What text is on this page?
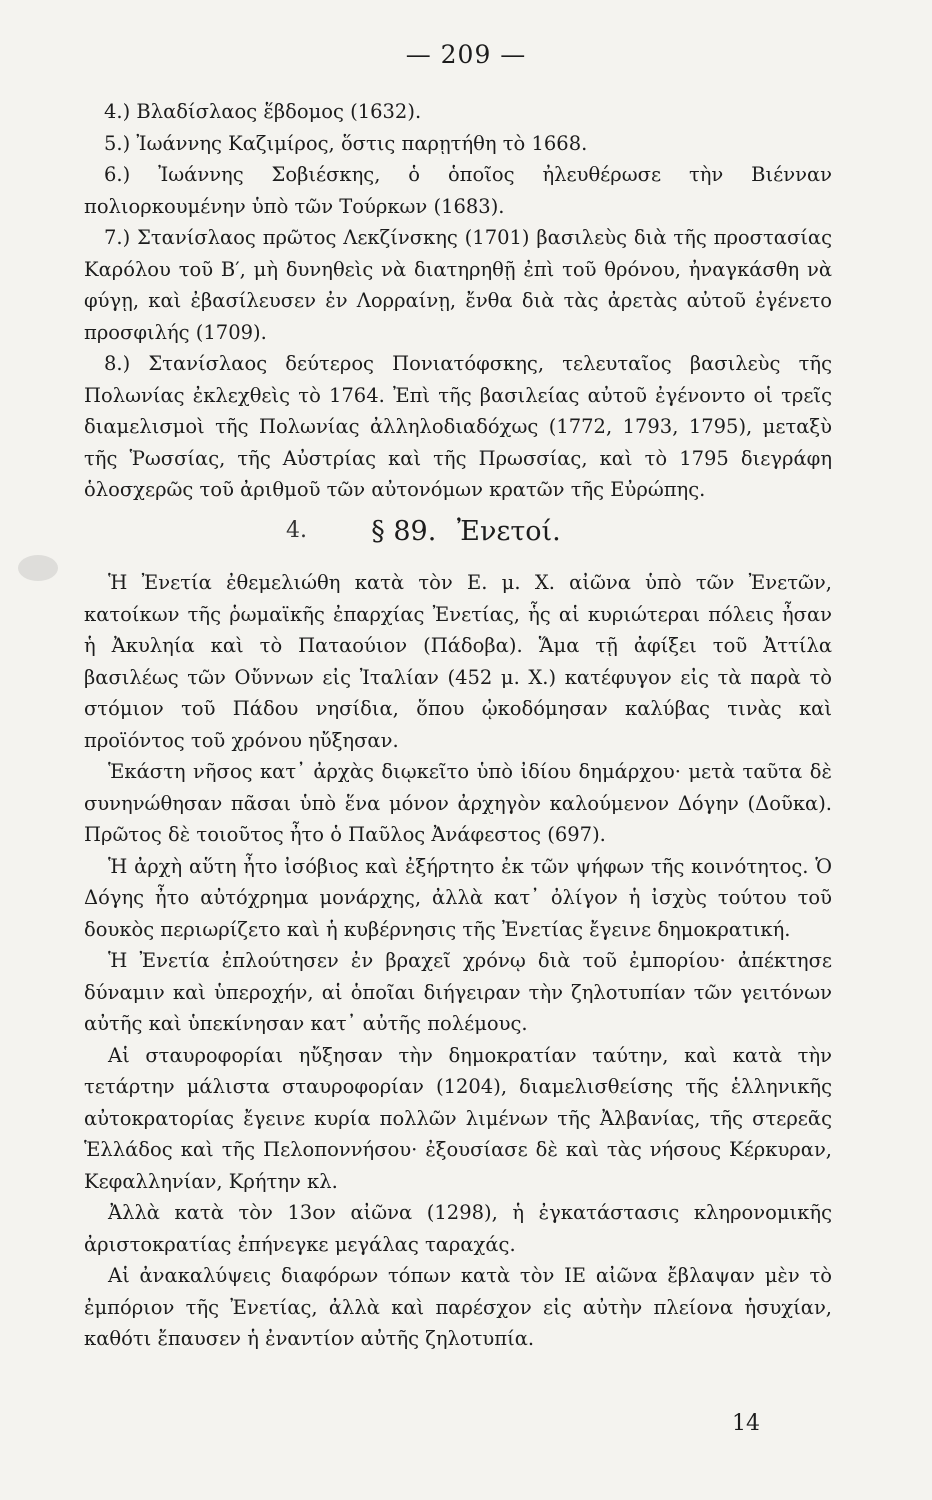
— 209 —

4.) Βλαδίσλαος ἕβδομος (1632).

5.) Ἰωάννης Καζιμίρος, ὅστις παρῃτήθη τὸ 1668.

6.) Ἰωάννης Σοβιέσκης, ὁ ὁποῖος ἠλευθέρωσε τὴν Βιένναν πολιορκουμένην ὑπὸ τῶν Τούρκων (1683).

7.) Στανίσλαος πρῶτος Λεκζίνσκης (1701) βασιλεὺς διὰ τῆς προστασίας Καρόλου τοῦ Β′, μὴ δυνηθεὶς νὰ διατηρηθῇ ἐπὶ τοῦ θρόνου, ἠναγκάσθη νὰ φύγῃ, καὶ ἐβασίλευσεν ἐν Λορραίνῃ, ἔνθα διὰ τὰς ἀρετὰς αὐτοῦ ἐγένετο προσφιλής (1709).

8.) Στανίσλαος δεύτερος Πονιατόφσκης, τελευταῖος βασιλεὺς τῆς Πολωνίας ἐκλεχθεὶς τὸ 1764. Ἐπὶ τῆς βασιλείας αὐτοῦ ἐγένοντο οἱ τρεῖς διαμελισμοὶ τῆς Πολωνίας ἀλληλοδιαδόχως (1772, 1793, 1795), μεταξὺ τῆς Ῥωσσίας, τῆς Αὐστρίας καὶ τῆς Πρωσσίας, καὶ τὸ 1795 διεγράφη ὁλοσχερῶς τοῦ ἀριθμοῦ τῶν αὐτονόμων κρατῶν τῆς Εὐρώπης.

4.	§ 89. Ἐνετοί.

Ἡ Ἐνετία ἐθεμελιώθη κατὰ τὸν Ε. μ. Χ. αἰῶνα ὑπὸ τῶν Ἐνετῶν, κατοίκων τῆς ῥωμαϊκῆς ἐπαρχίας Ἐνετίας, ἧς αἱ κυριώτεραι πόλεις ἦσαν ἡ Ἀκυληία καὶ τὸ Παταούιον (Πάδοβα). Ἅμα τῇ ἀφίξει τοῦ Ἀττίλα βασιλέως τῶν Οὔννων εἰς Ἰταλίαν (452 μ. Χ.) κατέφυγον εἰς τὰ παρὰ τὸ στόμιον τοῦ Πάδου νησίδια, ὅπου ᾠκοδόμησαν καλύβας τινὰς καὶ προϊόντος τοῦ χρόνου ηὔξησαν.

Ἑκάστη νῆσος κατ᾽ ἀρχὰς διῳκεῖτο ὑπὸ ἰδίου δημάρχου· μετὰ ταῦτα δὲ συνηνώθησαν πᾶσαι ὑπὸ ἕνα μόνον ἀρχηγὸν καλούμενον Δόγην (Δοῦκα). Πρῶτος δὲ τοιοῦτος ἦτο ὁ Παῦλος Ἀνάφεστος (697).

Ἡ ἀρχὴ αὕτη ἦτο ἰσόβιος καὶ ἐξήρτητο ἐκ τῶν ψήφων τῆς κοινότητος. Ὁ Δόγης ἦτο αὐτόχρημα μονάρχης, ἀλλὰ κατ᾽ ὀλίγον ἡ ἰσχὺς τούτου τοῦ δουκὸς περιωρίζετο καὶ ἡ κυβέρνησις τῆς Ἐνετίας ἔγεινε δημοκρατική.

Ἡ Ἐνετία ἐπλούτησεν ἐν βραχεῖ χρόνῳ διὰ τοῦ ἐμπορίου· ἀπέκτησε δύναμιν καὶ ὑπεροχήν, αἱ ὁποῖαι διήγειραν τὴν ζηλοτυπίαν τῶν γειτόνων αὐτῆς καὶ ὑπεκίνησαν κατ᾽ αὐτῆς πολέμους.

Αἱ σταυροφορίαι ηὔξησαν τὴν δημοκρατίαν ταύτην, καὶ κατὰ τὴν τετάρτην μάλιστα σταυροφορίαν (1204), διαμελισθείσης τῆς ἑλληνικῆς αὐτοκρατορίας ἔγεινε κυρία πολλῶν λιμένων τῆς Ἀλβανίας, τῆς στερεᾶς Ἑλλάδος καὶ τῆς Πελοποννήσου· ἐξουσίασε δὲ καὶ τὰς νήσους Κέρκυραν, Κεφαλληνίαν, Κρήτην κλ.

Ἀλλὰ κατὰ τὸν 13ον αἰῶνα (1298), ἡ ἐγκατάστασις κληρονομικῆς ἀριστοκρατίας ἐπήνεγκε μεγάλας ταραχάς.

Αἱ ἀνακαλύψεις διαφόρων τόπων κατὰ τὸν ΙΕ αἰῶνα ἔβλαψαν μὲν τὸ ἐμπόριον τῆς Ἐνετίας, ἀλλὰ καὶ παρέσχον εἰς αὐτὴν πλείονα ἡσυχίαν, καθότι ἔπαυσεν ἡ ἐναντίον αὐτῆς ζηλοτυπία.

14
